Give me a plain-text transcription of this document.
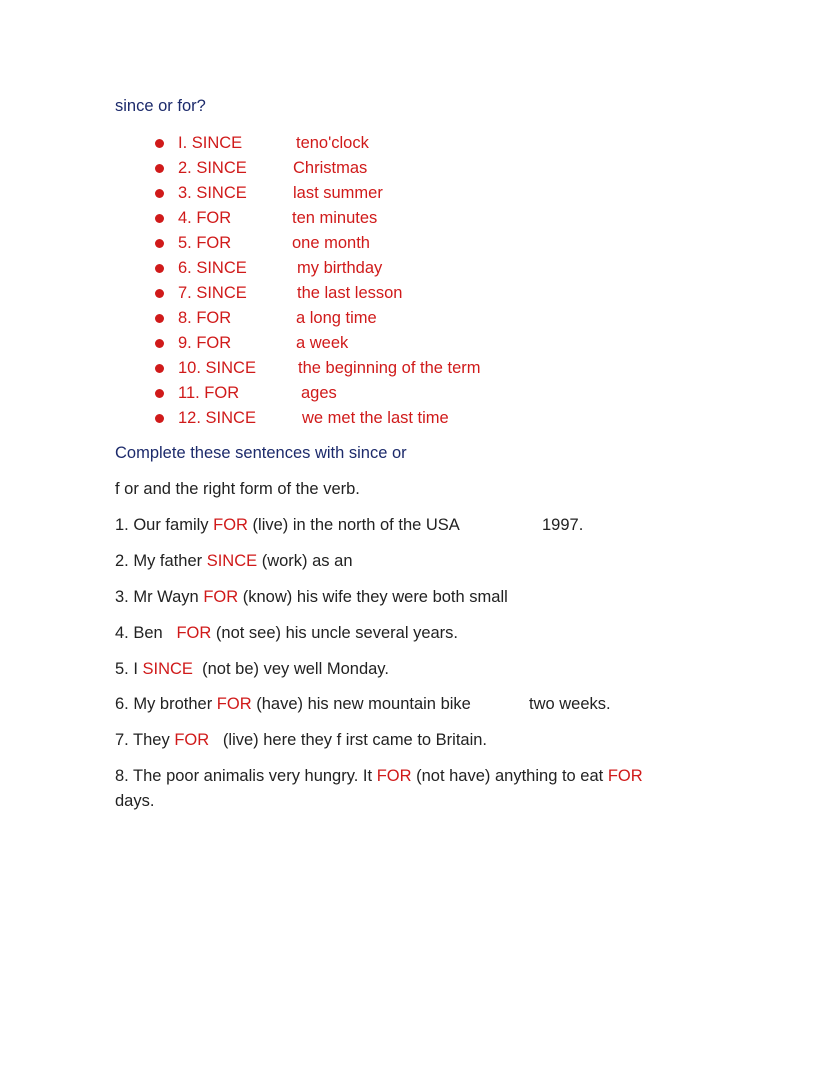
since or for?
I. SINCE	teno'clock
2. SINCE	Christmas
3. SINCE	last summer
4. FOR	ten minutes
5. FOR	one month
6. SINCE	my birthday
7. SINCE	the last lesson
8. FOR	a long time
9. FOR	a week
10. SINCE	the beginning of the term
11. FOR	ages
12. SINCE	we met the last time
Complete these sentences with since or
f or and the right form of the verb.
1. Our family FOR (live) in the north of the USA	1997.
2. My father SINCE (work) as an
3. Mr Wayn FOR (know) his wife they were both small
4. Ben   FOR (not see) his uncle several years.
5. I SINCE  (not be) vey well Monday.
6. My brother FOR (have) his new mountain bike	two weeks.
7. They FOR   (live) here they f irst came to Britain.
8. The poor animalis very hungry. It FOR (not have) anything to eat FOR
days.
